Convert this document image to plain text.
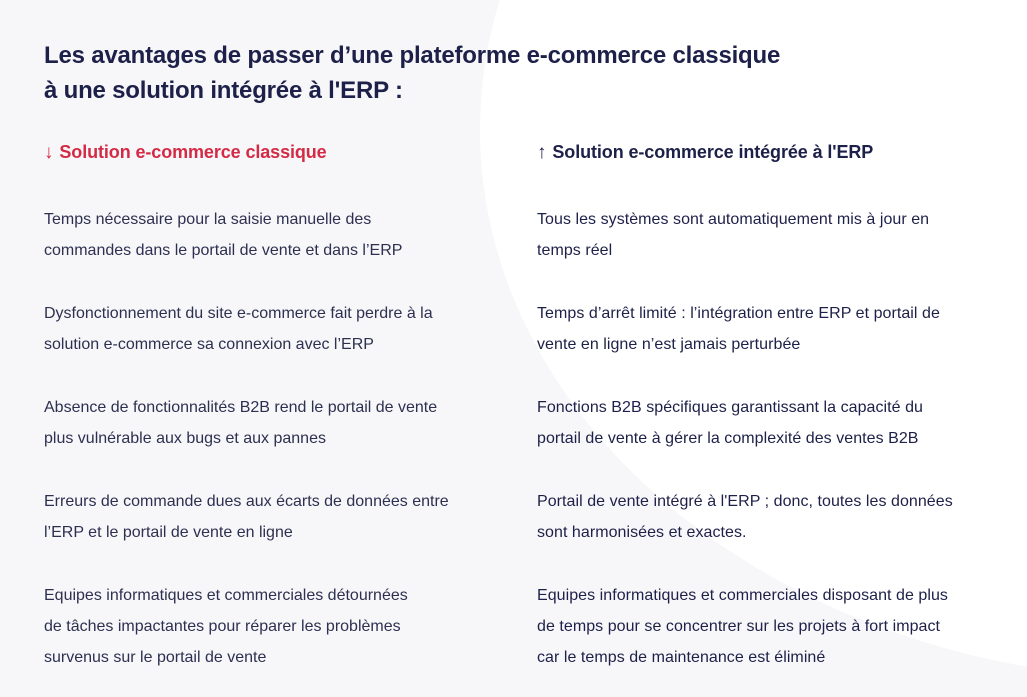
Les avantages de passer d’une plateforme e-commerce classique
à une solution intégrée à l'ERP :
↓ Solution e-commerce classique
Temps nécessaire pour la saisie manuelle des
commandes dans le portail de vente et dans l’ERP
Dysfonctionnement du site e-commerce fait perdre à la
solution e-commerce sa connexion avec l’ERP
Absence de fonctionnalités B2B rend le portail de vente
plus vulnérable aux bugs et aux pannes
Erreurs de commande dues aux écarts de données entre
l’ERP et le portail de vente en ligne
Equipes informatiques et commerciales détournées
de tâches impactantes pour réparer les problèmes
survenus sur le portail de vente
↑ Solution e-commerce intégrée à l'ERP
Tous les systèmes sont automatiquement mis à jour en
temps réel
Temps d’arrêt limité : l’intégration entre ERP et portail de
vente en ligne n’est jamais perturbée
Fonctions B2B spécifiques garantissant la capacité du
portail de vente à gérer la complexité des ventes B2B
Portail de vente intégré à l'ERP ; donc, toutes les données
sont harmonisées et exactes.
Equipes informatiques et commerciales disposant de plus
de temps pour se concentrer sur les projets à fort impact
car le temps de maintenance est éliminé
